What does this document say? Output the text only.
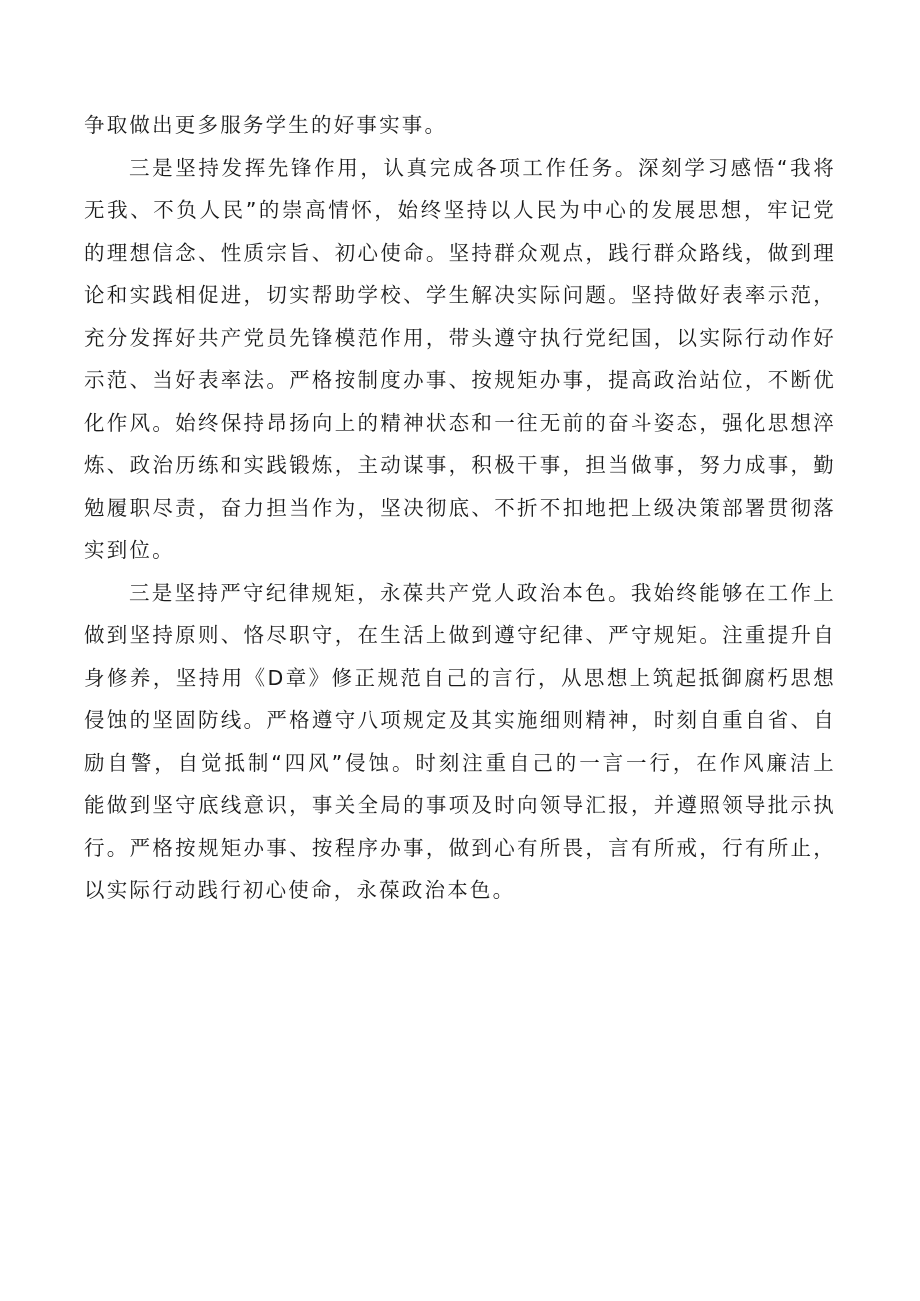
争取做出更多服务学生的好事实事。

三是坚持发挥先锋作用，认真完成各项工作任务。深刻学习感悟“我将无我、不负人民”的崇高情怀，始终坚持以人民为中心的发展思想，牢记党的理想信念、性质宗旨、初心使命。坚持群众观点，践行群众路线，做到理论和实践相促进，切实帮助学校、学生解决实际问题。坚持做好表率示范，充分发挥好共产党员先锋模范作用，带头遵守执行党纪国，以实际行动作好示范、当好表率法。严格按制度办事、按规矩办事，提高政治站位，不断优化作风。始终保持昂扬向上的精神状态和一往无前的奋斗姿态，强化思想淬炼、政治历练和实践锻炼，主动谋事，积极干事，担当做事，努力成事，勤勉履职尽责，奋力担当作为，坚决彻底、不折不扣地把上级决策部署贯彻落实到位。

三是坚持严守纪律规矩，永葆共产党人政治本色。我始终能够在工作上做到坚持原则、恪尽职守，在生活上做到遵守纪律、严守规矩。注重提升自身修养，坚持用《D章》修正规范自己的言行，从思想上筑起抵御腐朽思想侵蚀的坚固防线。严格遵守八项规定及其实施细则精神，时刻自重自省、自励自警，自觉抵制“四风”侵蚀。时刻注重自己的一言一行，在作风廉洁上能做到坚守底线意识，事关全局的事项及时向领导汇报，并遵照领导批示执行。严格按规矩办事、按程序办事，做到心有所畏，言有所戒，行有所止，以实际行动践行初心使命，永葆政治本色。
